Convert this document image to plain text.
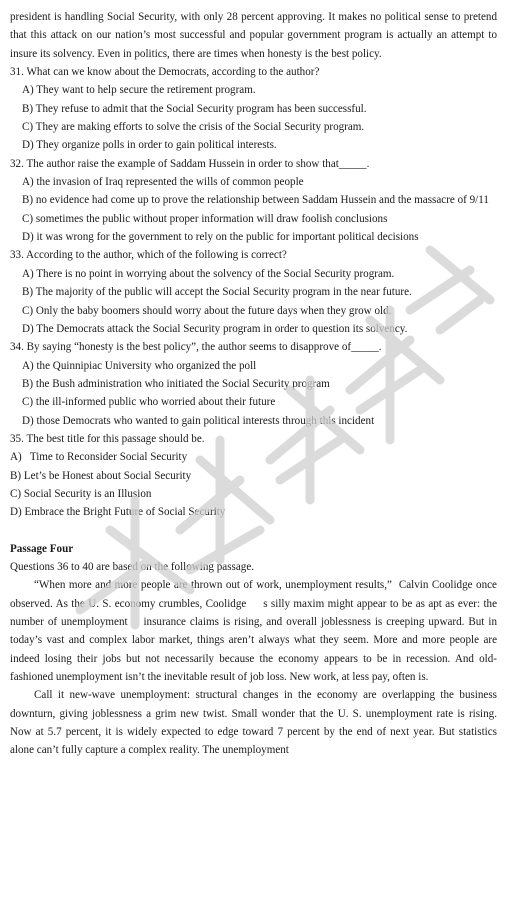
president is handling Social Security, with only 28 percent approving. It makes no political sense to pretend that this attack on our nation’s most successful and popular government program is actually an attempt to insure its solvency. Even in politics, there are times when honesty is the best policy.

31. What can we know about the Democrats, according to the author?

A) They want to help secure the retirement program.

B) They refuse to admit that the Social Security program has been successful.

C) They are making efforts to solve the crisis of the Social Security program.

D) They organize polls in order to gain political interests.

32. The author raise the example of Saddam Hussein in order to show that_____.

A) the invasion of Iraq represented the wills of common people

B) no evidence had come up to prove the relationship between Saddam Hussein and the massacre of 9/11

C) sometimes the public without proper information will draw foolish conclusions

D) it was wrong for the government to rely on the public for important political decisions

33. According to the author, which of the following is correct?

A) There is no point in worrying about the solvency of the Social Security program.

B) The majority of the public will accept the Social Security program in the near future.

C) Only the baby boomers should worry about the future days when they grow old.

D) The Democrats attack the Social Security program in order to question its solvency.

34. By saying “honesty is the best policy”, the author seems to disapprove of_____.

A) the Quinnipiac University who organized the poll

B) the Bush administration who initiated the Social Security program

C) the ill-informed public who worried about their future

D) those Democrats who wanted to gain political interests through this incident

35. The best title for this passage should be.

A)   Time to Reconsider Social Security

B) Let’s be Honest about Social Security

C) Social Security is an Illusion

D) Embrace the Bright Future of Social Security

Passage Four

Questions 36 to 40 are based on the following passage.

“When more and more people are thrown out of work, unemployment results,”  Calvin Coolidge once observed. As the U. S. economy crumbles, Coolidge     s silly maxim might appear to be as apt as ever: the number of unemployment    insurance claims is rising, and overall joblessness is creeping upward. But in today’s vast and complex labor market, things aren’t always what they seem. More and more people are indeed losing their jobs but not necessarily because the economy appears to be in recession. And old-fashioned unemployment isn’t the inevitable result of job loss. New work, at less pay, often is.

Call it new-wave unemployment: structural changes in the economy are overlapping the business downturn, giving joblessness a grim new twist. Small wonder that the U. S. unemployment rate is rising. Now at 5.7 percent, it is widely expected to edge toward 7 percent by the end of next year. But statistics alone can’t fully capture a complex reality. The unemployment
